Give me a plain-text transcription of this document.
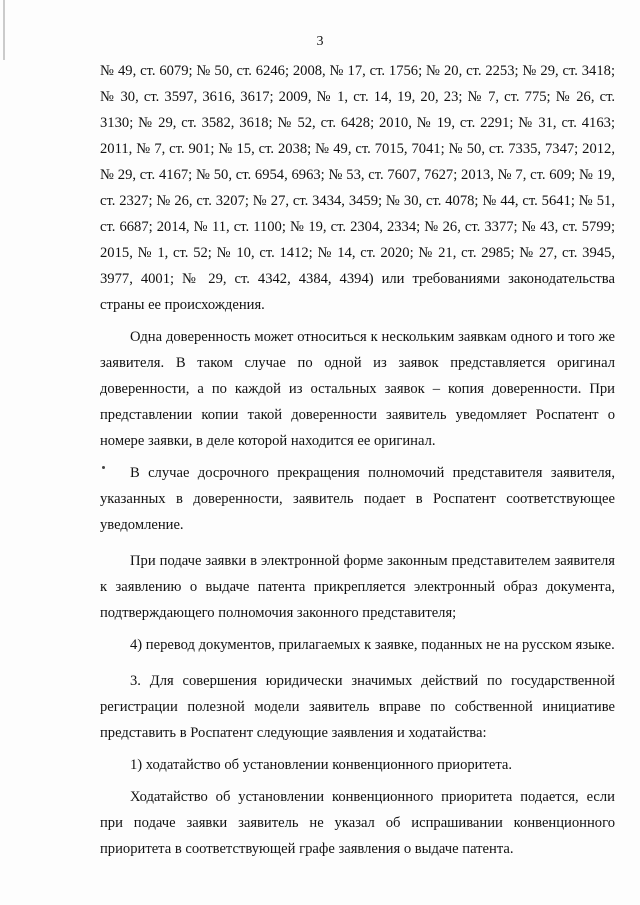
3

№ 49, ст. 6079; № 50, ст. 6246; 2008, № 17, ст. 1756; № 20, ст. 2253; № 29, ст. 3418; № 30, ст. 3597, 3616, 3617; 2009, № 1, ст. 14, 19, 20, 23; № 7, ст. 775; № 26, ст. 3130; № 29, ст. 3582, 3618; № 52, ст. 6428; 2010, № 19, ст. 2291; № 31, ст. 4163; 2011, № 7, ст. 901; № 15, ст. 2038; № 49, ст. 7015, 7041; № 50, ст. 7335, 7347; 2012, № 29, ст. 4167; № 50, ст. 6954, 6963; № 53, ст. 7607, 7627; 2013, № 7, ст. 609; № 19, ст. 2327; № 26, ст. 3207; № 27, ст. 3434, 3459; № 30, ст. 4078; № 44, ст. 5641; № 51, ст. 6687; 2014, № 11, ст. 1100; № 19, ст. 2304, 2334; № 26, ст. 3377; № 43, ст. 5799; 2015, № 1, ст. 52; № 10, ст. 1412; № 14, ст. 2020; № 21, ст. 2985; № 27, ст. 3945, 3977, 4001; № 29, ст. 4342, 4384, 4394) или требованиями законодательства страны ее происхождения.

Одна доверенность может относиться к нескольким заявкам одного и того же заявителя. В таком случае по одной из заявок представляется оригинал доверенности, а по каждой из остальных заявок – копия доверенности. При представлении копии такой доверенности заявитель уведомляет Роспатент о номере заявки, в деле которой находится ее оригинал.

В случае досрочного прекращения полномочий представителя заявителя, указанных в доверенности, заявитель подает в Роспатент соответствующее уведомление.

При подаче заявки в электронной форме законным представителем заявителя к заявлению о выдаче патента прикрепляется электронный образ документа, подтверждающего полномочия законного представителя;

4) перевод документов, прилагаемых к заявке, поданных не на русском языке.

3. Для совершения юридически значимых действий по государственной регистрации полезной модели заявитель вправе по собственной инициативе представить в Роспатент следующие заявления и ходатайства:

1) ходатайство об установлении конвенционного приоритета.

Ходатайство об установлении конвенционного приоритета подается, если при подаче заявки заявитель не указал об испрашивании конвенционного приоритета в соответствующей графе заявления о выдаче патента.
